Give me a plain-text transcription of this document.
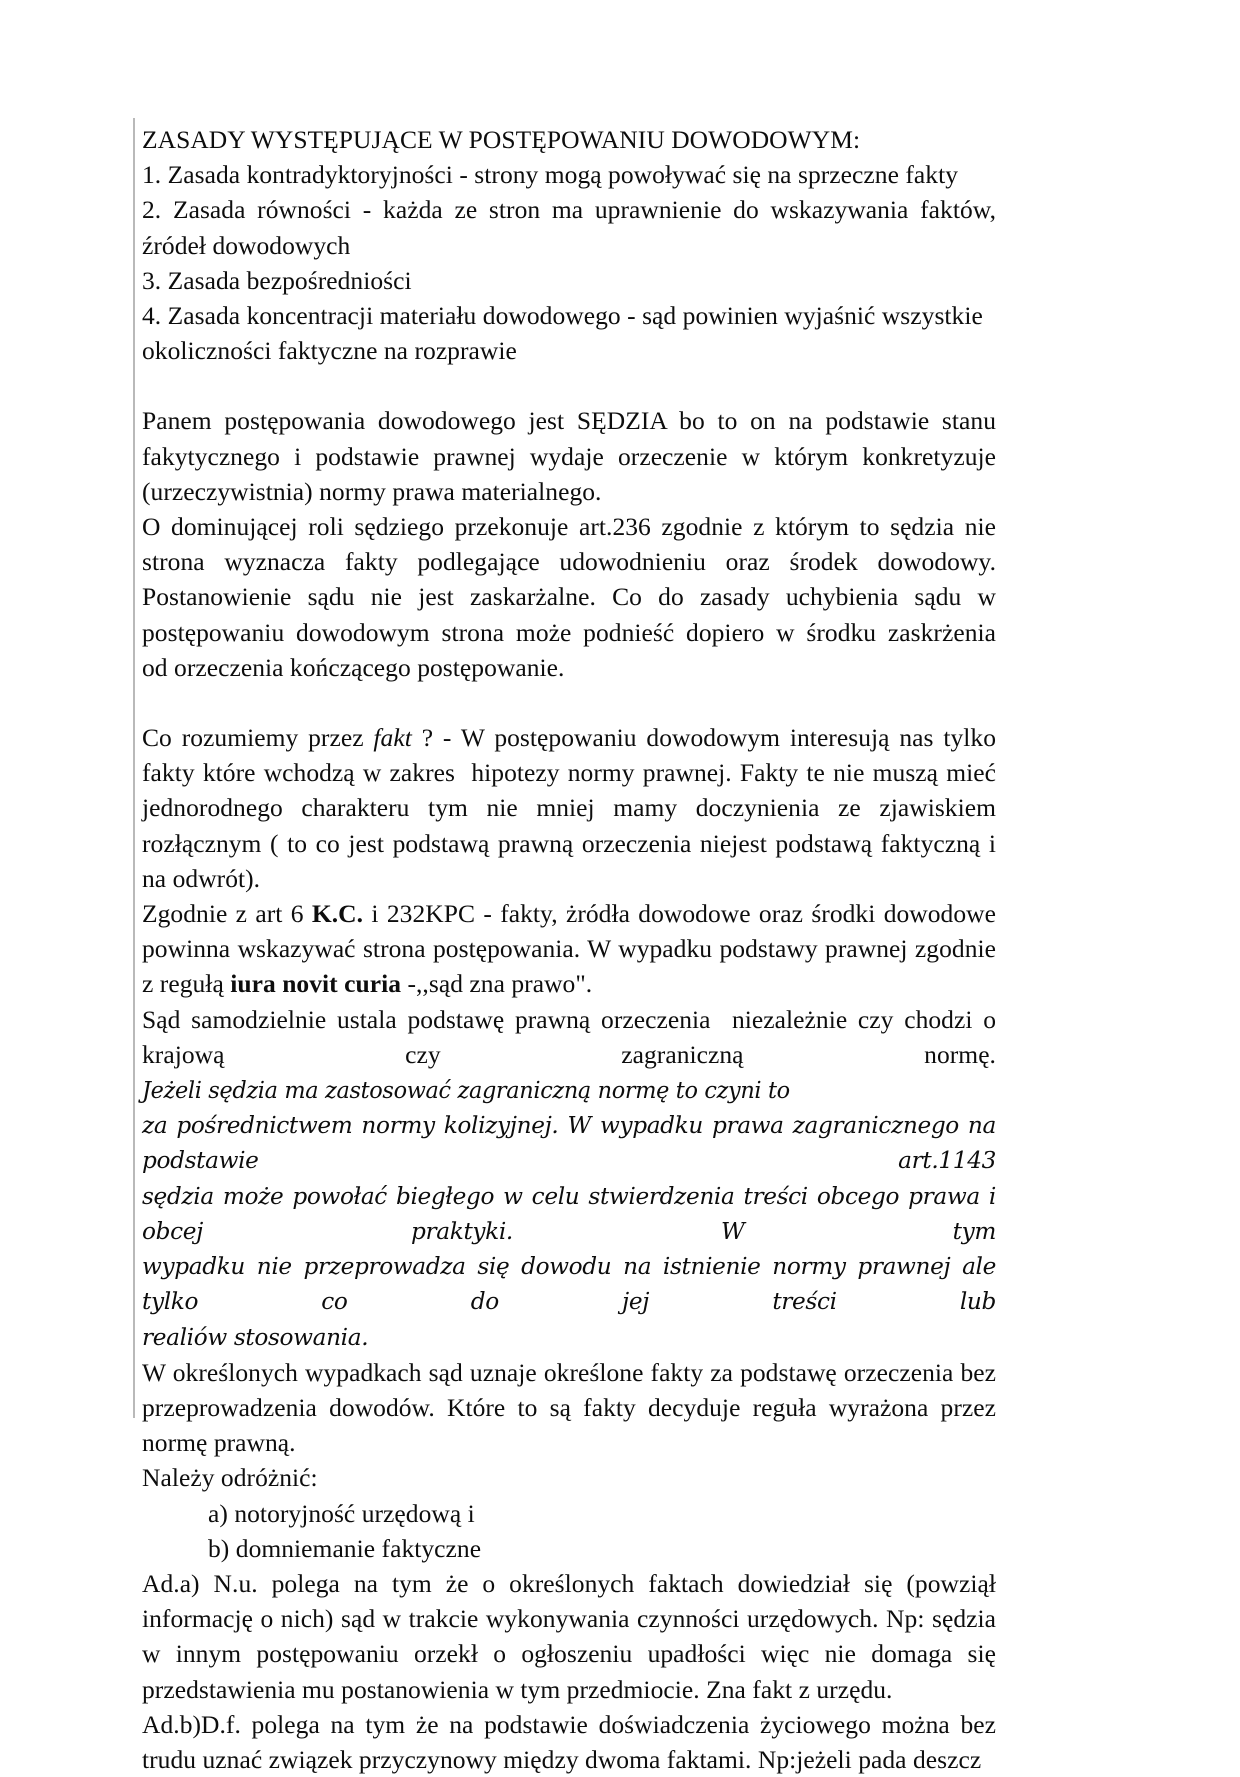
ZASADY WYSTĘPUJĄCE W POSTĘPOWANIU DOWODOWYM:
1. Zasada kontradyktoryjności - strony mogą powoływać się na sprzeczne fakty
2. Zasada równości - każda ze stron ma uprawnienie do wskazywania faktów,
źródeł dowodowych
3. Zasada bezpośredniości
4. Zasada koncentracji materiału dowodowego - sąd powinien wyjaśnić wszystkie
okoliczności faktyczne na rozprawie
Panem postępowania dowodowego jest SĘDZIA bo to on na podstawie stanu
fakytycznego i podstawie prawnej wydaje orzeczenie w którym konkretyzuje
(urzeczywistnia) normy prawa materialnego.
O dominującej roli sędziego przekonuje art.236 zgodnie z którym to sędzia nie
strona wyznacza fakty podlegające udowodnieniu oraz środek dowodowy.
Postanowienie sądu nie jest zaskarżalne. Co do zasady uchybienia sądu w
postępowaniu dowodowym strona może podnieść dopiero w środku zaskrżenia
od orzeczenia kończącego postępowanie.
Co rozumiemy przez fakt ? - W postępowaniu dowodowym interesują nas tylko
fakty które wchodzą w zakres  hipotezy normy prawnej. Fakty te nie muszą mieć
jednorodnego charakteru tym nie mniej mamy doczynienia ze zjawiskiem
rozłącznym ( to co jest podstawą prawną orzeczenia niejest podstawą faktyczną i
na odwrót).
Zgodnie z art 6 K.C. i 232KPC - fakty, żródła dowodowe oraz środki dowodowe
powinna wskazywać strona postępowania. W wypadku podstawy prawnej zgodnie
z regułą iura novit curia -,,sąd zna prawo".
Sąd samodzielnie ustala podstawę prawną orzeczenia  niezależnie czy chodzi o
krajową czy zagraniczną normę. Jeżeli sędzia ma zastosować zagraniczną normę to czyni to
za pośrednictwem normy kolizyjnej. W wypadku prawa zagranicznego na podstawie art.1143
sędzia może powołać biegłego w celu stwierdzenia treści obcego prawa i obcej praktyki. W tym
wypadku nie przeprowadza się dowodu na istnienie normy prawnej ale tylko co do jej treści lub
realiów stosowania.
W określonych wypadkach sąd uznaje określone fakty za podstawę orzeczenia bez
przeprowadzenia dowodów. Które to są fakty decyduje reguła wyrażona przez
normę prawną.
Należy odróżnić:
a) notoryjność urzędową i
b) domniemanie faktyczne
Ad.a) N.u. polega na tym że o określonych faktach dowiedział się (powziął
informację o nich) sąd w trakcie wykonywania czynności urzędowych. Np: sędzia
w innym postępowaniu orzekł o ogłoszeniu upadłości więc nie domaga się
przedstawienia mu postanowienia w tym przedmiocie. Zna fakt z urzędu.
Ad.b)D.f. polega na tym że na podstawie doświadczenia życiowego można bez
trudu uznać związek przyczynowy między dwoma faktami. Np:jeżeli pada deszcz
